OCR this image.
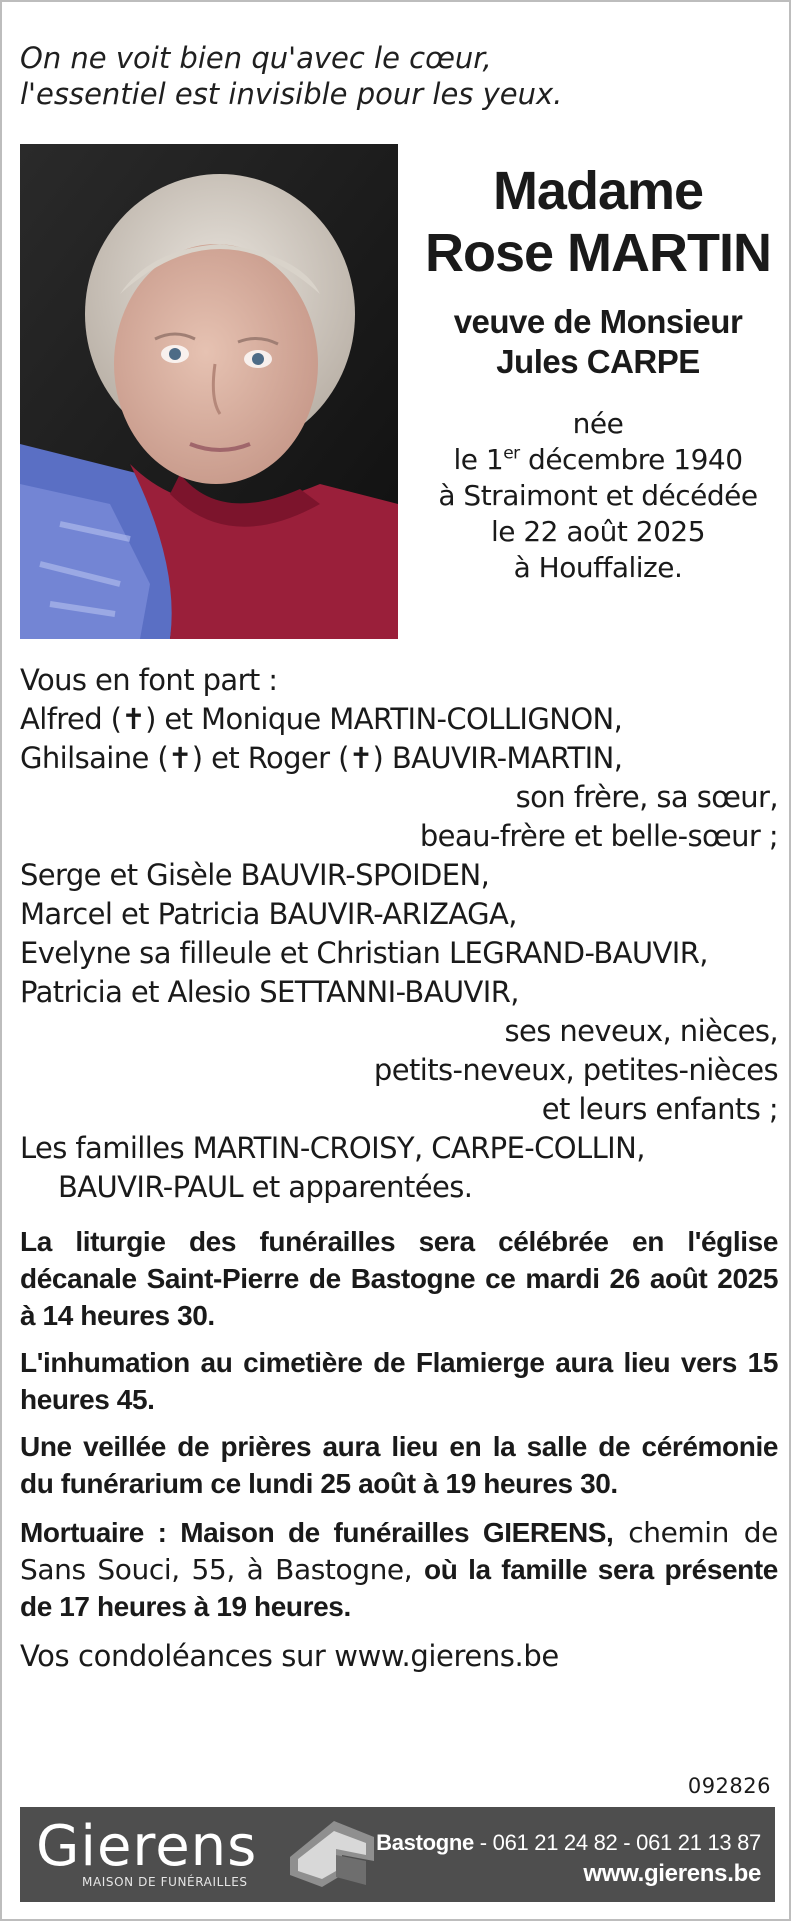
On ne voit bien qu'avec le cœur,
l'essentiel est invisible pour les yeux.
Madame
Rose MARTIN
veuve de Monsieur
Jules CARPE
née
le 1er décembre 1940
à Straimont et décédée
le 22 août 2025
à Houffalize.
Vous en font part :
Alfred (✝) et Monique MARTIN-COLLIGNON,
Ghilsaine (✝) et Roger (✝) BAUVIR-MARTIN,
son frère, sa sœur,
beau-frère et belle-sœur ;
Serge et Gisèle BAUVIR-SPOIDEN,
Marcel et Patricia BAUVIR-ARIZAGA,
Evelyne sa filleule et Christian LEGRAND-BAUVIR,
Patricia et Alesio SETTANNI-BAUVIR,
ses neveux, nièces,
petits-neveux, petites-nièces
et leurs enfants ;
Les familles MARTIN-CROISY, CARPE-COLLIN,
BAUVIR-PAUL et apparentées.
La liturgie des funérailles sera célébrée en l'église décanale Saint-Pierre de Bastogne ce mardi 26 août 2025 à 14 heures 30.
L'inhumation au cimetière de Flamierge aura lieu vers 15 heures 45.
Une veillée de prières aura lieu en la salle de cérémonie du funérarium ce lundi 25 août à 19 heures 30.
Mortuaire : Maison de funérailles GIERENS, chemin de Sans Souci, 55, à Bastogne, où la famille sera présente de 17 heures à 19 heures.
Vos condoléances sur www.gierens.be
092826
Gierens
MAISON DE FUNÉRAILLES
Bastogne - 061 21 24 82 - 061 21 13 87
www.gierens.be
